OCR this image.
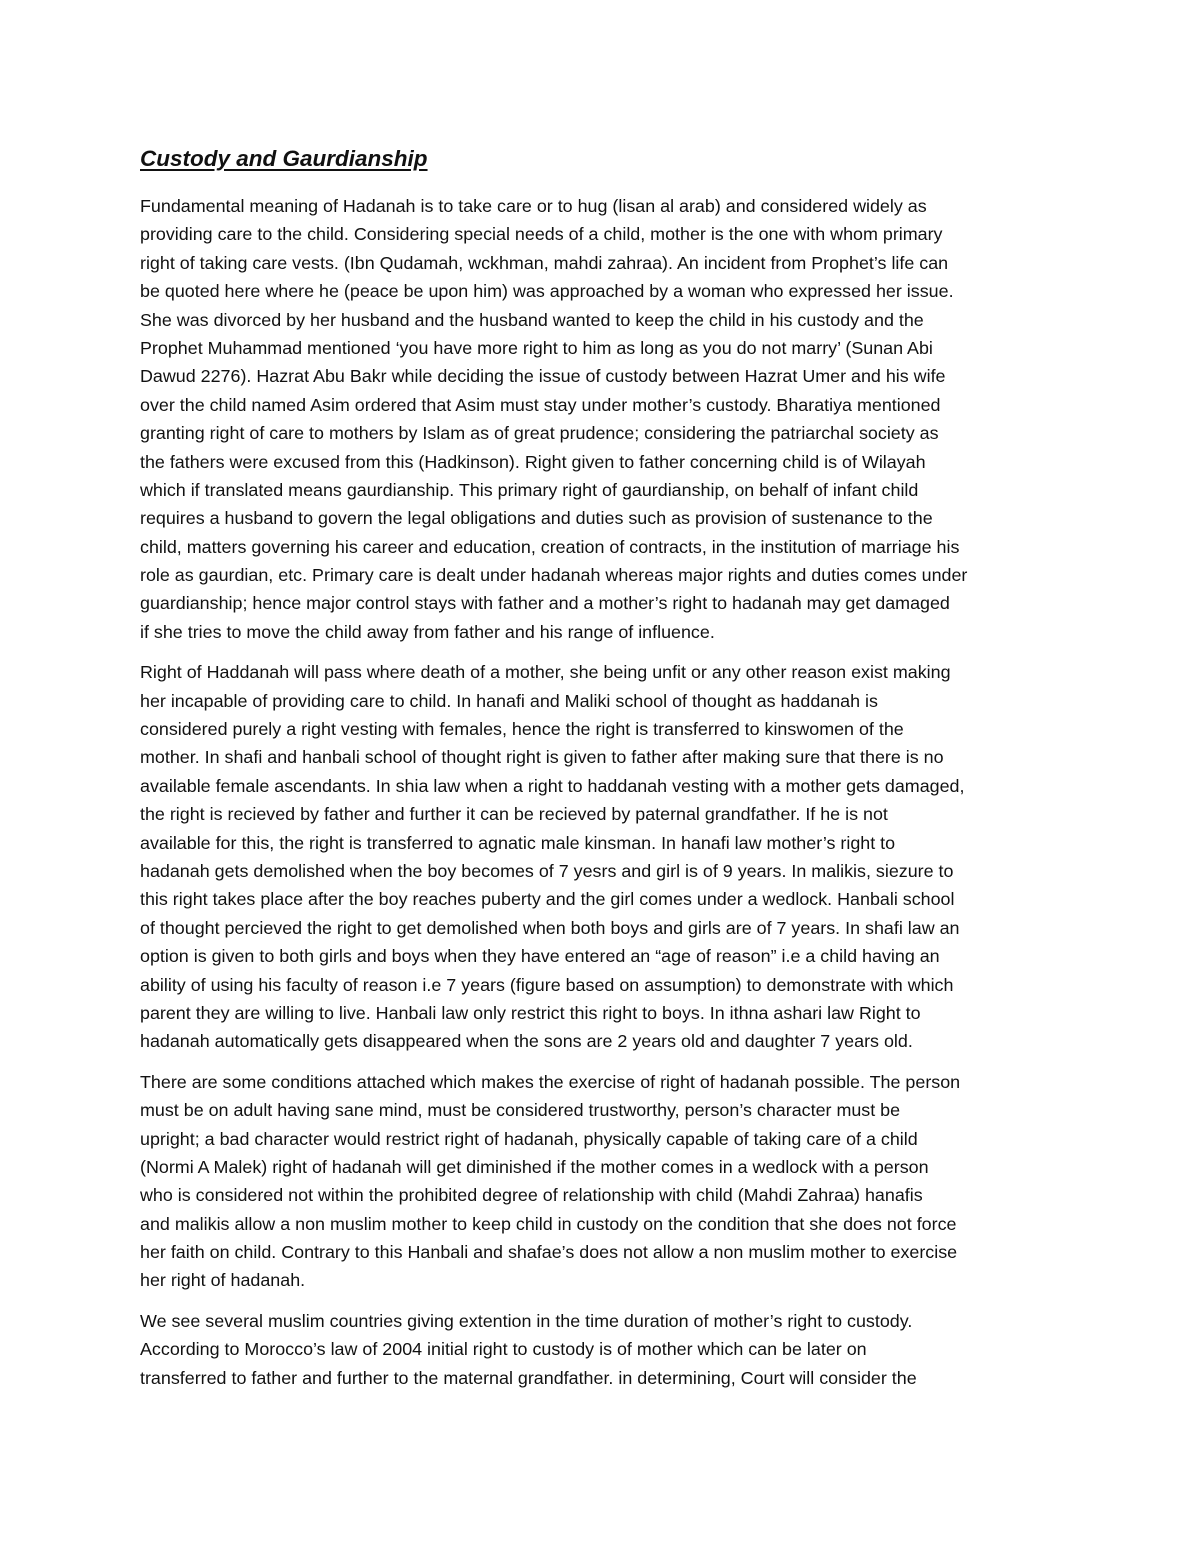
Custody and Gaurdianship
Fundamental meaning of Hadanah is to take care or to hug (lisan al arab) and considered widely as
providing care to the child. Considering special needs of a child, mother is the one with whom primary
right of taking care vests. (Ibn Qudamah, wckhman, mahdi zahraa). An incident from Prophet’s life can
be quoted here where he (peace be upon him) was approached by a woman who expressed her issue.
She was divorced by her husband and the husband wanted to keep the child in his custody and the
Prophet Muhammad mentioned ‘you have more right to him as long as you do not marry’ (Sunan Abi
Dawud 2276). Hazrat Abu Bakr while deciding the issue of custody between Hazrat Umer and his wife
over the child named Asim ordered that Asim must stay under mother’s custody. Bharatiya mentioned
granting right of care to mothers by Islam as of great prudence; considering the patriarchal society as
the fathers were excused from this (Hadkinson). Right given to father concerning child is of Wilayah
which if translated means gaurdianship. This primary right of gaurdianship, on behalf of infant child
requires a husband to govern the legal obligations and duties such as provision of sustenance to the
child, matters governing his career and education, creation of contracts, in the institution of marriage his
role as gaurdian, etc. Primary care is dealt under hadanah whereas major rights and duties comes under
guardianship; hence major control stays with father and a mother’s right to hadanah may get damaged
if she tries to move the child away from father and his range of influence.
Right of Haddanah will pass where death of a mother, she being unfit or any other reason exist making
her incapable of providing care to child. In hanafi and Maliki school of thought as haddanah is
considered purely a right vesting with females, hence the right is transferred to kinswomen of the
mother. In shafi and hanbali school of thought right is given to father after making sure that there is no
available female ascendants. In shia law when a right to haddanah vesting with a mother gets damaged,
the right is recieved by father and further it can be recieved by paternal grandfather. If he is not
available for this, the right is transferred to agnatic male kinsman. In hanafi law mother’s right to
hadanah gets demolished when the boy becomes of 7 yesrs and girl is of 9 years. In malikis, siezure to
this right takes place after the boy reaches puberty and the girl comes under a wedlock. Hanbali school
of thought percieved the right to get demolished when both boys and girls are of 7 years. In shafi law an
option is given to both girls and boys when they have entered an “age of reason” i.e a child having an
ability of using his faculty of reason i.e 7 years (figure based on assumption) to demonstrate with which
parent they are willing to live. Hanbali law only restrict this right to boys. In ithna ashari law Right to
hadanah automatically gets disappeared when the sons are 2 years old and daughter 7 years old.
There are some conditions attached which makes the exercise of right of hadanah possible. The person
must be on adult having sane mind, must be considered trustworthy, person’s character must be
upright; a bad character would restrict right of hadanah, physically capable of taking care of a child
(Normi A Malek) right of hadanah will get diminished if the mother comes in a wedlock with a person
who is considered not within the prohibited degree of relationship with child (Mahdi Zahraa) hanafis
and malikis allow a non muslim mother to keep child in custody on the condition that she does not force
her faith on child. Contrary to this Hanbali and shafae’s does not allow a non muslim mother to exercise
her right of hadanah.
We see several muslim countries giving extention in the time duration of mother’s right to custody.
According to Morocco’s law of 2004 initial right to custody is of mother which can be later on
transferred to father and further to the maternal grandfather. in determining, Court will consider the
